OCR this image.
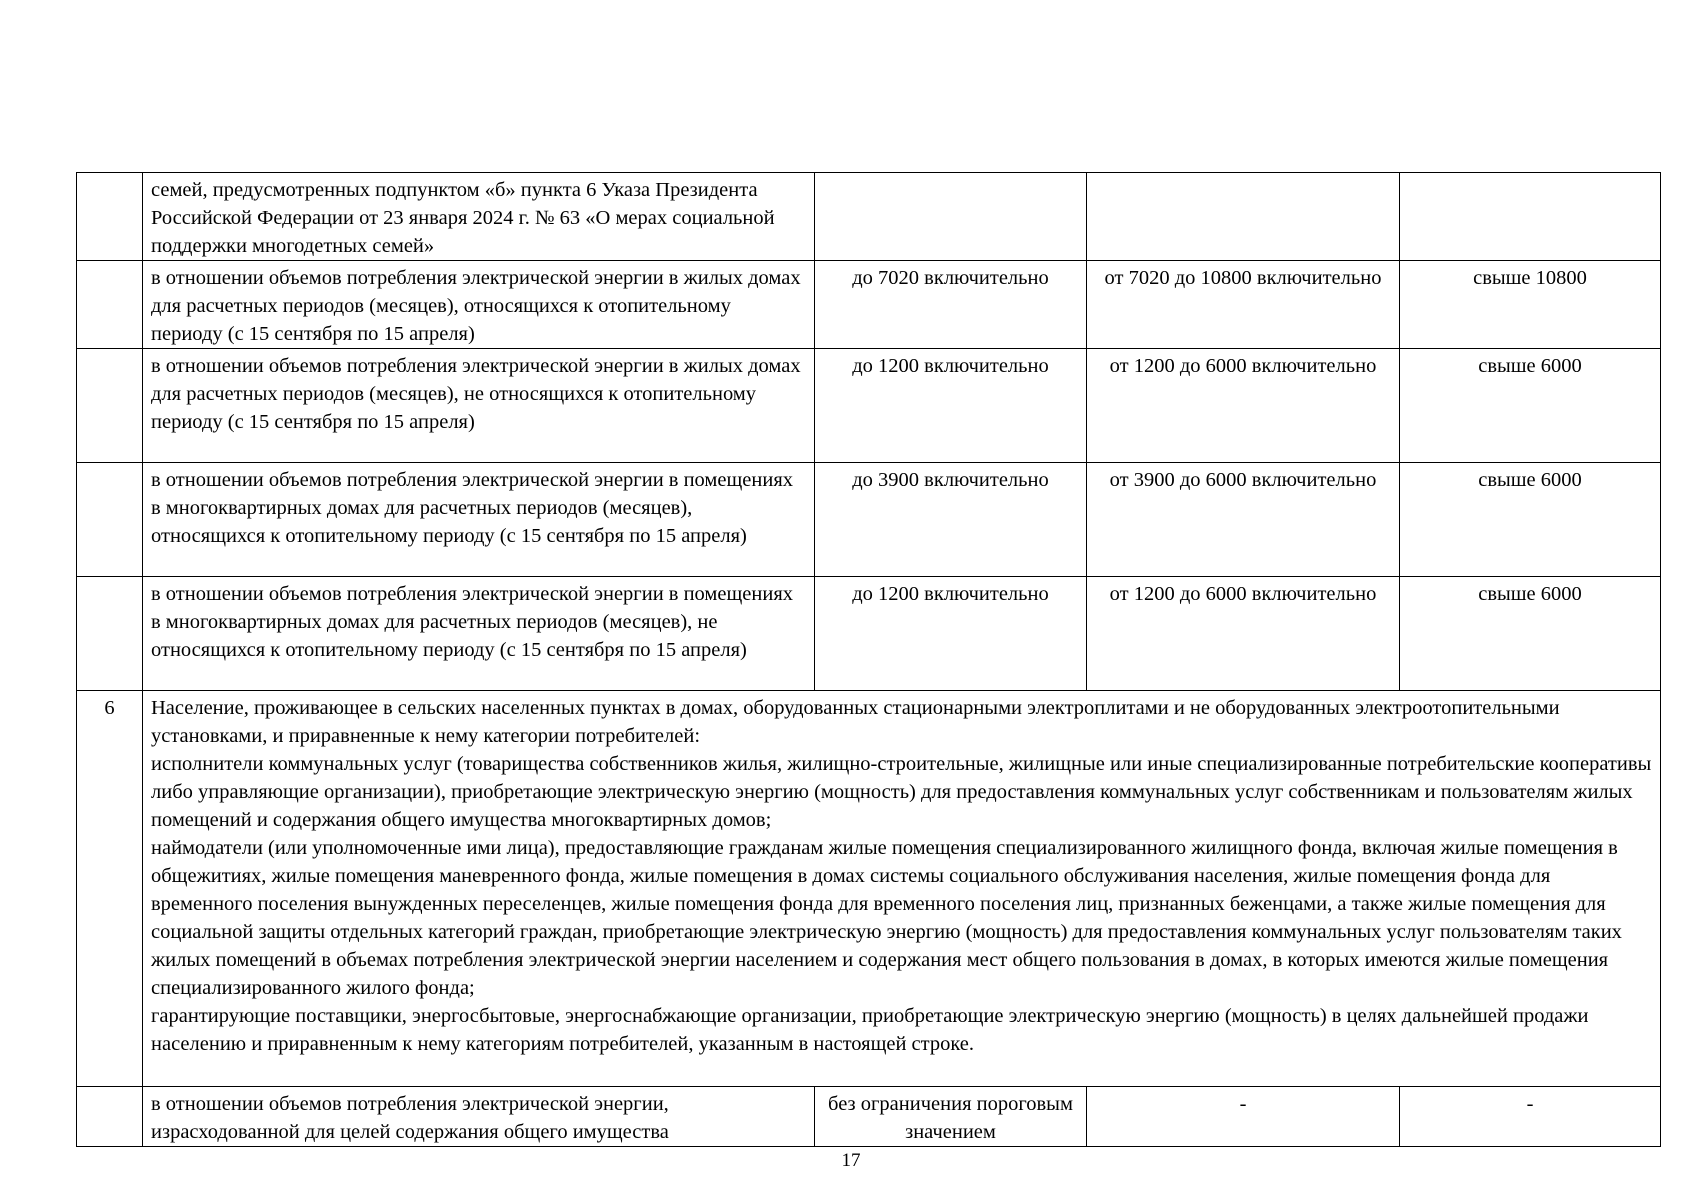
	семей, предусмотренных подпунктом «б» пункта 6 Указа Президента Российской Федерации от 23 января 2024 г. № 63 «О мерах социальной поддержки многодетных семей»			
	в отношении объемов потребления электрической энергии в жилых домах для расчетных периодов (месяцев), относящихся к отопительному периоду (с 15 сентября по 15 апреля)	до 7020 включительно	от 7020 до 10800 включительно	свыше 10800
	в отношении объемов потребления электрической энергии в жилых домах для расчетных периодов (месяцев), не относящихся к отопительному периоду (с 15 сентября по 15 апреля)	до 1200 включительно	от 1200 до 6000 включительно	свыше 6000
	в отношении объемов потребления электрической энергии в помещениях в многоквартирных домах для расчетных периодов (месяцев), относящихся к отопительному периоду (с 15 сентября по 15 апреля)	до 3900 включительно	от 3900 до 6000 включительно	свыше 6000
	в отношении объемов потребления электрической энергии в помещениях в многоквартирных домах для расчетных периодов (месяцев), не относящихся к отопительному периоду (с 15 сентября по 15 апреля)	до 1200 включительно	от 1200 до 6000 включительно	свыше 6000
6	Население, проживающее в сельских населенных пунктах в домах, оборудованных стационарными электроплитами и не оборудованных электроотопительными установками, и приравненные к нему категории потребителей:
исполнители коммунальных услуг (товарищества собственников жилья, жилищно-строительные, жилищные или иные специализированные потребительские кооперативы либо управляющие организации), приобретающие электрическую энергию (мощность) для предоставления коммунальных услуг собственникам и пользователям жилых помещений и содержания общего имущества многоквартирных домов;
наймодатели (или уполномоченные ими лица), предоставляющие гражданам жилые помещения специализированного жилищного фонда, включая жилые помещения в общежитиях, жилые помещения маневренного фонда, жилые помещения в домах системы социального обслуживания населения, жилые помещения фонда для временного поселения вынужденных переселенцев, жилые помещения фонда для временного поселения лиц, признанных беженцами, а также жилые помещения для социальной защиты отдельных категорий граждан, приобретающие электрическую энергию (мощность) для предоставления коммунальных услуг пользователям таких жилых помещений в объемах потребления электрической энергии населением и содержания мест общего пользования в домах, в которых имеются жилые помещения специализированного жилого фонда;
гарантирующие поставщики, энергосбытовые, энергоснабжающие организации, приобретающие электрическую энергию (мощность) в целях дальнейшей продажи населению и приравненным к нему категориям потребителей, указанным в настоящей строке.			

	в отношении объемов потребления электрической энергии, израсходованной для целей содержания общего имущества	без ограничения пороговым значением	-	-
17
